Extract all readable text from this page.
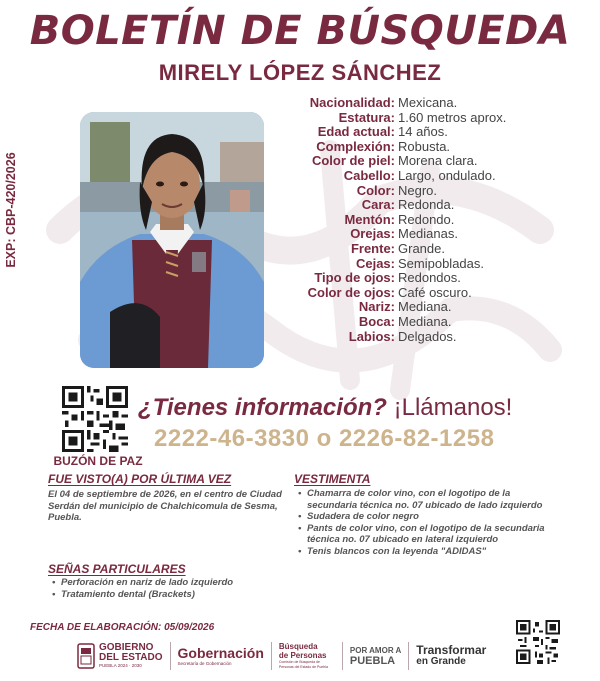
BOLETÍN DE BÚSQUEDA
MIRELY LÓPEZ SÁNCHEZ
EXP: CBP-420/2026
Nacionalidad: Mexicana.
Estatura: 1.60 metros aprox.
Edad actual: 14 años.
Complexión: Robusta.
Color de piel: Morena clara.
Cabello: Largo, ondulado.
Color: Negro.
Cara: Redonda.
Mentón: Redondo.
Orejas: Medianas.
Frente: Grande.
Cejas: Semipobladas.
Tipo de ojos: Redondos.
Color de ojos: Café oscuro.
Nariz: Mediana.
Boca: Mediana.
Labios: Delgados.
BUZÓN DE PAZ
¿Tienes información? ¡Llámanos!
2222-46-3830 o 2226-82-1258
FUE VISTO(A) POR ÚLTIMA VEZ
El 04 de septiembre de 2026, en el centro de Ciudad Serdán del municipio de Chalchicomula de Sesma, Puebla.
VESTIMENTA
• Chamarra de color vino, con el logotipo de la secundaria técnica no. 07 ubicado de lado izquierdo
• Sudadera de color negro
• Pants de color vino, con el logotipo de la secundaria técnica no. 07 ubicado en lateral izquierdo
• Tenis blancos con la leyenda "ADIDAS"
SEÑAS PARTICULARES
• Perforación en nariz de lado izquierdo
• Tratamiento dental (Brackets)
FECHA DE ELABORACIÓN: 05/09/2026
GOBIERNO
DEL ESTADO
PUEBLA 2024 · 2030
Gobernación
Secretaría de Gobernación
Búsqueda
de Personas
Comisión de Búsqueda de Personas del Estado de Puebla
POR AMOR A
PUEBLA
Transformar
en Grande
